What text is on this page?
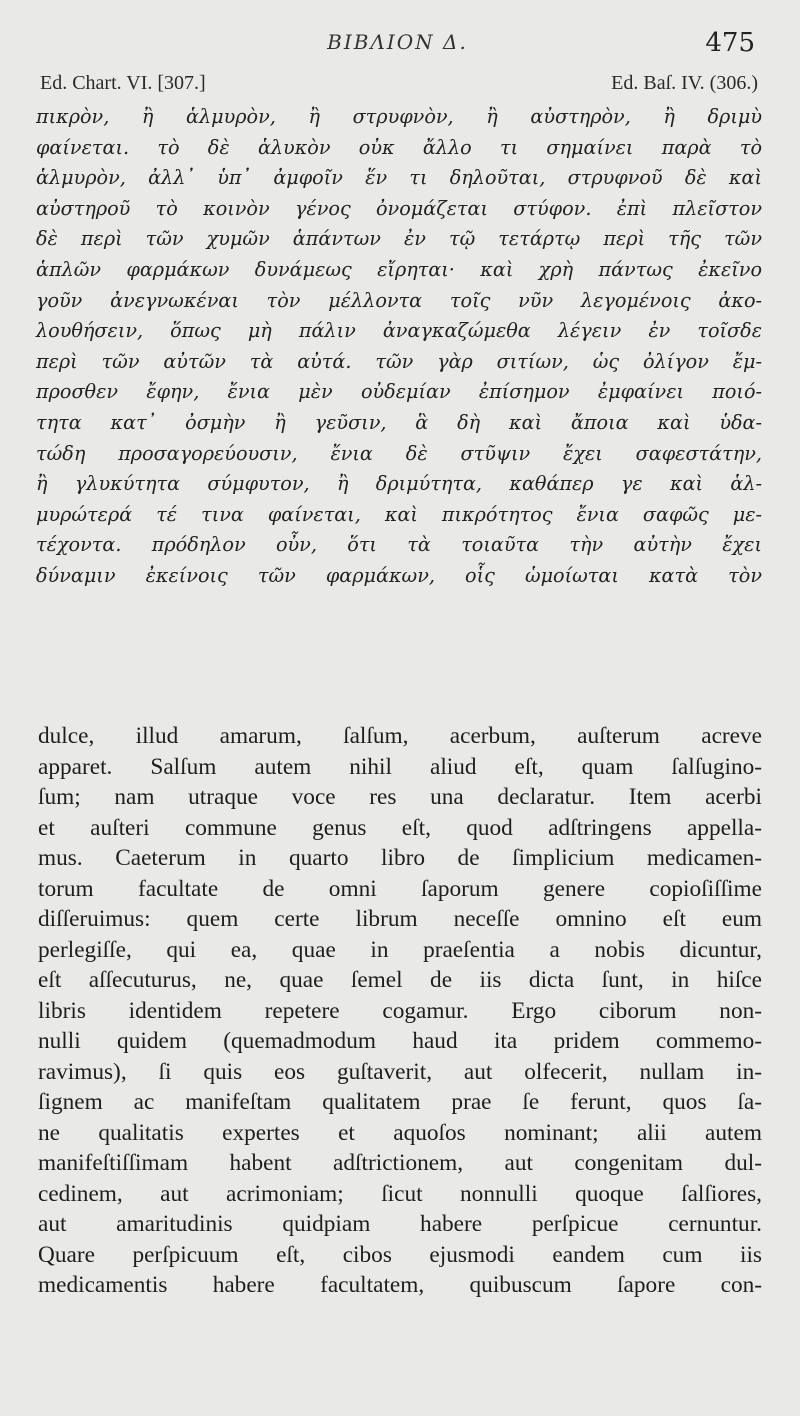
ΒΙΒΛΙΟΝ Δ.	475
Ed. Chart. VI. [307.]	Ed. Baſ. IV. (306.)
πικρὸν, ἢ ἁλμυρὸν, ἢ στρυφνὸν, ἢ αὐστηρὸν, ἢ δριμὺ
φαίνεται. τὸ δὲ ἁλυκὸν οὐκ ἄλλο τι σημαίνει παρὰ τὸ
ἁλμυρὸν, ἀλλ᾽ ὑπ᾽ ἀμφοῖν ἕν τι δηλοῦται, στρυφνοῦ δὲ καὶ
αὐστηροῦ τὸ κοινὸν γένος ὀνομάζεται στύφον. ἐπὶ πλεῖστον
δὲ περὶ τῶν χυμῶν ἁπάντων ἐν τῷ τετάρτῳ περὶ τῆς τῶν
ἁπλῶν φαρμάκων δυνάμεως εἴρηται· καὶ χρὴ πάντως ἐκεῖνο
γοῦν ἀνεγνωκέναι τὸν μέλλοντα τοῖς νῦν λεγομένοις ἀκο-
λουθήσειν, ὅπως μὴ πάλιν ἀναγκαζώμεθα λέγειν ἐν τοῖσδε
περὶ τῶν αὐτῶν τὰ αὐτά. τῶν γὰρ σιτίων, ὡς ὀλίγον ἔμ-
προσθεν ἔφην, ἔνια μὲν οὐδεμίαν ἐπίσημον ἐμφαίνει ποιό-
τητα κατ᾽ ὀσμὴν ἢ γεῦσιν, ἃ δὴ καὶ ἄποια καὶ ὑδα-
τώδη προσαγορεύουσιν, ἔνια δὲ στῦψιν ἔχει σαφεστάτην,
ἢ γλυκύτητα σύμφυτον, ἢ δριμύτητα, καθάπερ γε καὶ ἁλ-
μυρώτερά τέ τινα φαίνεται, καὶ πικρότητος ἔνια σαφῶς με-
τέχοντα. πρόδηλον οὖν, ὅτι τὰ τοιαῦτα τὴν αὐτὴν ἔχει
δύναμιν ἐκείνοις τῶν φαρμάκων, οἷς ὡμοίωται κατὰ τὸν
dulce, illud amarum, ſalſum, acerbum, auſterum acreve
apparet. Salſum autem nihil aliud eſt, quam ſalſugino-
ſum; nam utraque voce res una declaratur. Item acerbi
et auſteri commune genus eſt, quod adſtringens appella-
mus. Caeterum in quarto libro de ſimplicium medicamen-
torum facultate de omni ſaporum genere copioſiſſime
diſſeruimus: quem certe librum neceſſe omnino eſt eum
perlegiſſe, qui ea, quae in praeſentia a nobis dicuntur,
eſt aſſecuturus, ne, quae ſemel de iis dicta ſunt, in hiſce
libris identidem repetere cogamur. Ergo ciborum non-
nulli quidem (quemadmodum haud ita pridem commemo-
ravimus), ſi quis eos guſtaverit, aut olfecerit, nullam in-
ſignem ac manifeſtam qualitatem prae ſe ferunt, quos ſa-
ne qualitatis expertes et aquoſos nominant; alii autem
manifeſtiſſimam habent adſtrictionem, aut congenitam dul-
cedinem, aut acrimoniam; ſicut nonnulli quoque ſalſiores,
aut amaritudinis quidpiam habere perſpicue cernuntur.
Quare perſpicuum eſt, cibos ejusmodi eandem cum iis
medicamentis habere facultatem, quibuscum ſapore con-
